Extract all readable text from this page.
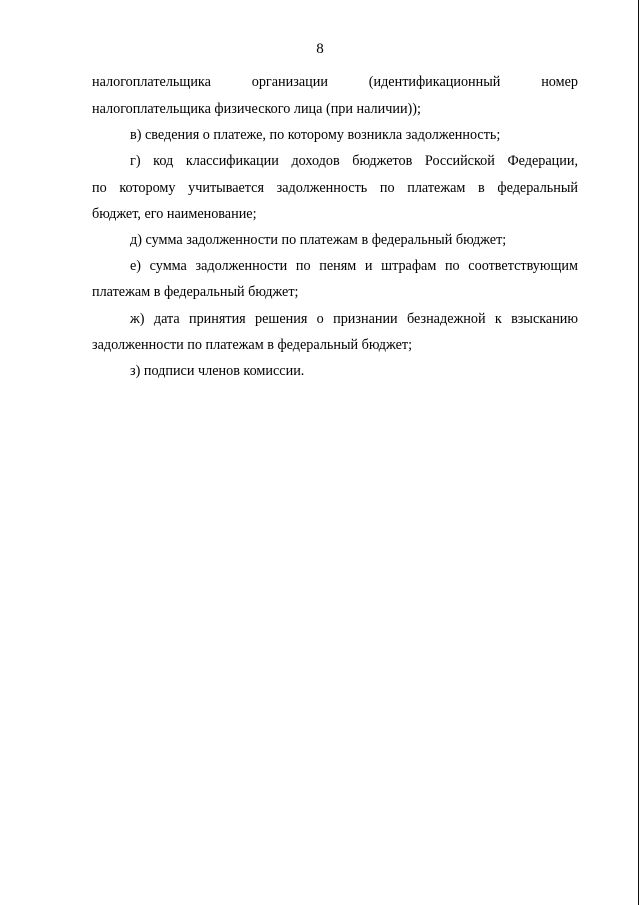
8
налогоплательщика организации (идентификационный номер
налогоплательщика физического лица (при наличии));
в) сведения о платеже, по которому возникла задолженность;
г) код классификации доходов бюджетов Российской Федерации,
по которому учитывается задолженность по платежам в федеральный
бюджет, его наименование;
д) сумма задолженности по платежам в федеральный бюджет;
е) сумма задолженности по пеням и штрафам по соответствующим
платежам в федеральный бюджет;
ж) дата принятия решения о признании безнадежной к взысканию
задолженности по платежам в федеральный бюджет;
з) подписи членов комиссии.
